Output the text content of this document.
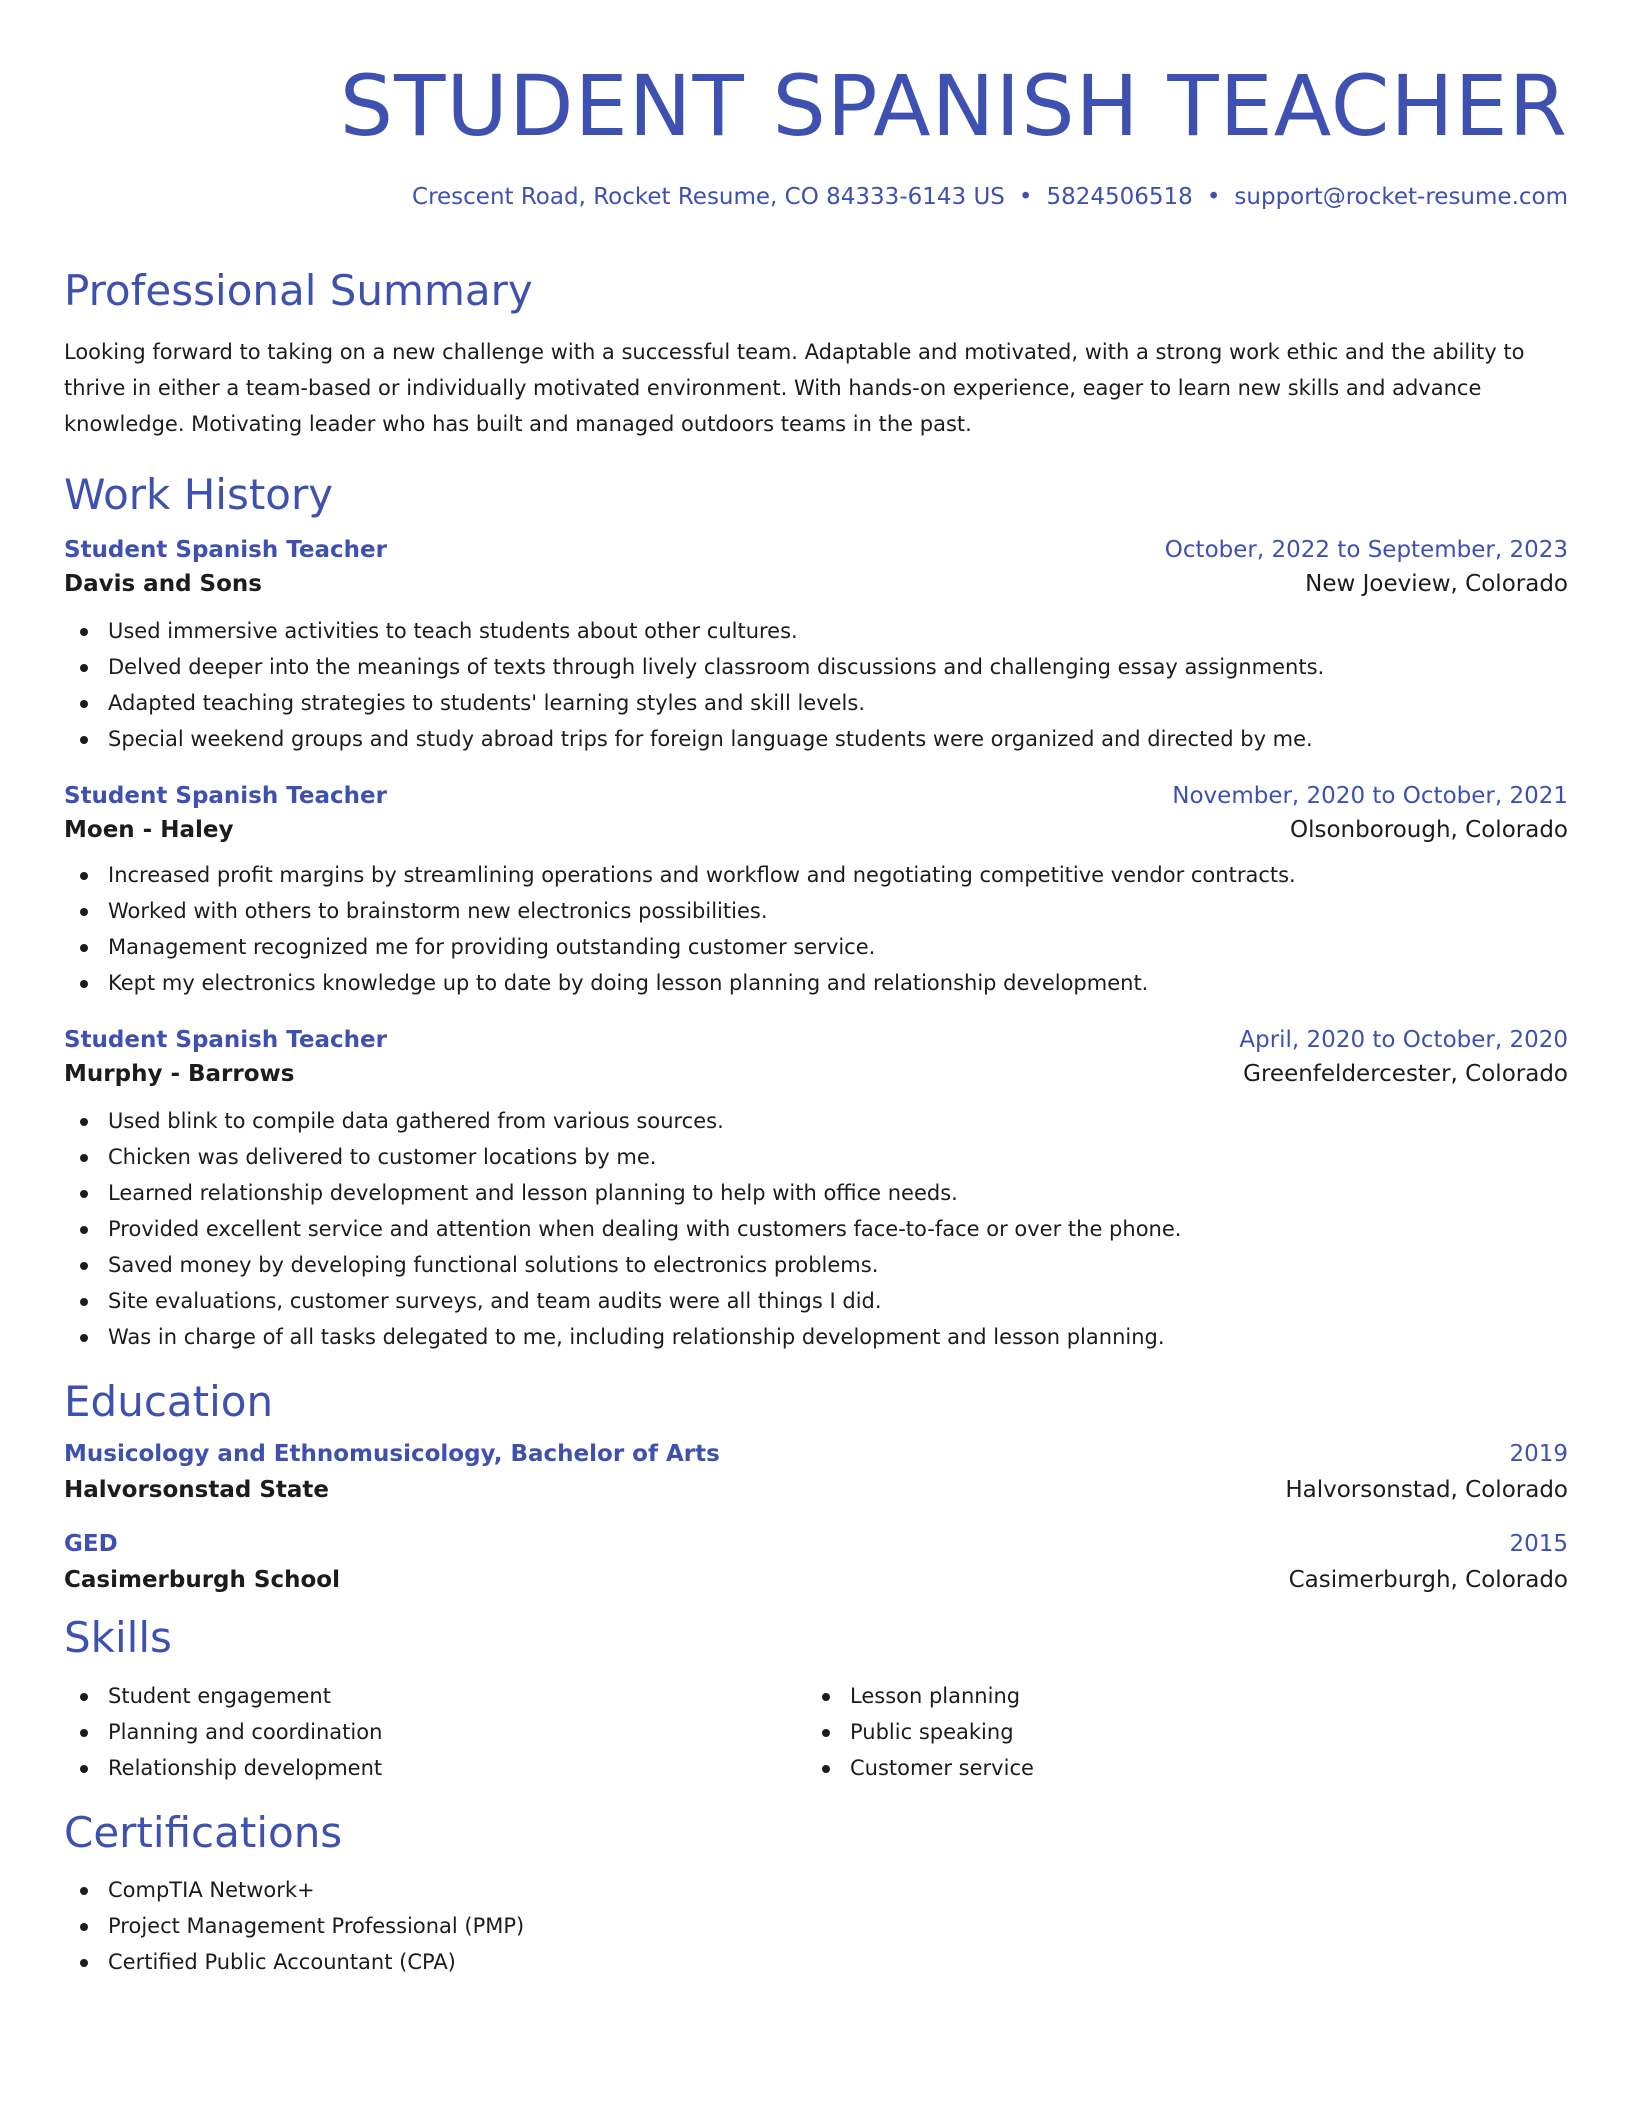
STUDENT SPANISH TEACHER
Crescent Road, Rocket Resume, CO 84333-6143 US • 5824506518 • support@rocket-resume.com
Professional Summary

Looking forward to taking on a new challenge with a successful team. Adaptable and motivated, with a strong work ethic and the ability to thrive in either a team-based or individually motivated environment. With hands-on experience, eager to learn new skills and advance knowledge. Motivating leader who has built and managed outdoors teams in the past.

Work History
Student Spanish Teacher	October, 2022 to September, 2023
Davis and Sons	New Joeview, Colorado
Used immersive activities to teach students about other cultures.
Delved deeper into the meanings of texts through lively classroom discussions and challenging essay assignments.
Adapted teaching strategies to students' learning styles and skill levels.
Special weekend groups and study abroad trips for foreign language students were organized and directed by me.
Student Spanish Teacher	November, 2020 to October, 2021
Moen - Haley	Olsonborough, Colorado
Increased profit margins by streamlining operations and workflow and negotiating competitive vendor contracts.
Worked with others to brainstorm new electronics possibilities.
Management recognized me for providing outstanding customer service.
Kept my electronics knowledge up to date by doing lesson planning and relationship development.
Student Spanish Teacher	April, 2020 to October, 2020
Murphy - Barrows	Greenfeldercester, Colorado
Used blink to compile data gathered from various sources.
Chicken was delivered to customer locations by me.
Learned relationship development and lesson planning to help with office needs.
Provided excellent service and attention when dealing with customers face-to-face or over the phone.
Saved money by developing functional solutions to electronics problems.
Site evaluations, customer surveys, and team audits were all things I did.
Was in charge of all tasks delegated to me, including relationship development and lesson planning.
Education
Musicology and Ethnomusicology, Bachelor of Arts	2019
Halvorsonstad State	Halvorsonstad, Colorado
GED	2015
Casimerburgh School	Casimerburgh, Colorado
Skills
Student engagement
Planning and coordination
Relationship development
Lesson planning
Public speaking
Customer service
Certifications
CompTIA Network+
Project Management Professional (PMP)
Certified Public Accountant (CPA)
